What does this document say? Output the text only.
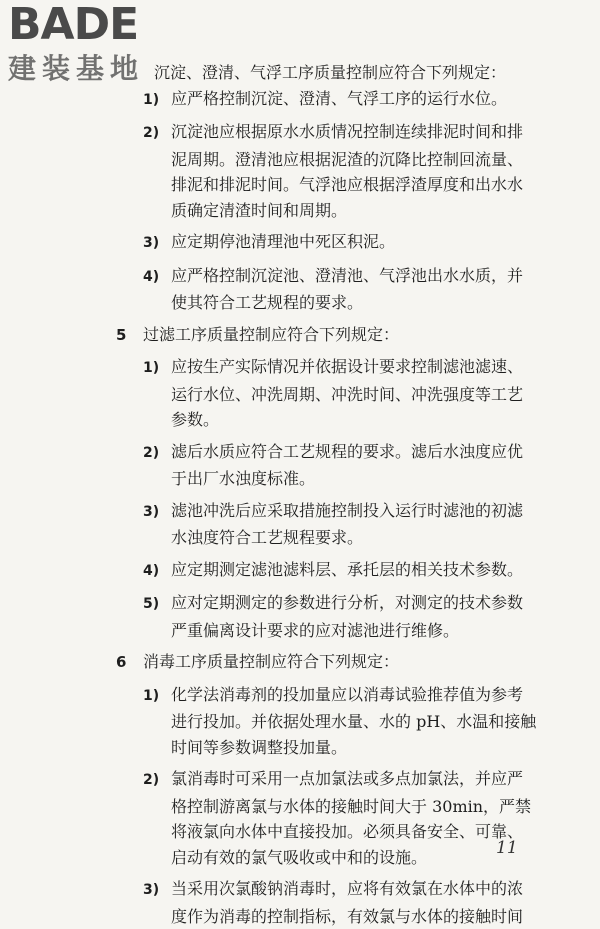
BADE
建装基地 沉淀、澄清、气浮工序质量控制应符合下列规定：
1) 应严格控制沉淀、澄清、气浮工序的运行水位。
2) 沉淀池应根据原水水质情况控制连续排泥时间和排
泥周期。澄清池应根据泥渣的沉降比控制回流量、
排泥和排泥时间。气浮池应根据浮渣厚度和出水水
质确定清渣时间和周期。
3) 应定期停池清理池中死区积泥。
4) 应严格控制沉淀池、澄清池、气浮池出水水质，并
使其符合工艺规程的要求。
5 过滤工序质量控制应符合下列规定：
1) 应按生产实际情况并依据设计要求控制滤池滤速、
运行水位、冲洗周期、冲洗时间、冲洗强度等工艺
参数。
2) 滤后水质应符合工艺规程的要求。滤后水浊度应优
于出厂水浊度标准。
3) 滤池冲洗后应采取措施控制投入运行时滤池的初滤
水浊度符合工艺规程要求。
4) 应定期测定滤池滤料层、承托层的相关技术参数。
5) 应对定期测定的参数进行分析，对测定的技术参数
严重偏离设计要求的应对滤池进行维修。
6 消毒工序质量控制应符合下列规定：
1) 化学法消毒剂的投加量应以消毒试验推荐值为参考
进行投加。并依据处理水量、水的 pH、水温和接触
时间等参数调整投加量。
2) 氯消毒时可采用一点加氯法或多点加氯法，并应严
格控制游离氯与水体的接触时间大于 30min，严禁
将液氯向水体中直接投加。必须具备安全、可靠、
启动有效的氯气吸收或中和的设施。
3) 当采用次氯酸钠消毒时，应将有效氯在水体中的浓
度作为消毒的控制指标，有效氯与水体的接触时间
11
